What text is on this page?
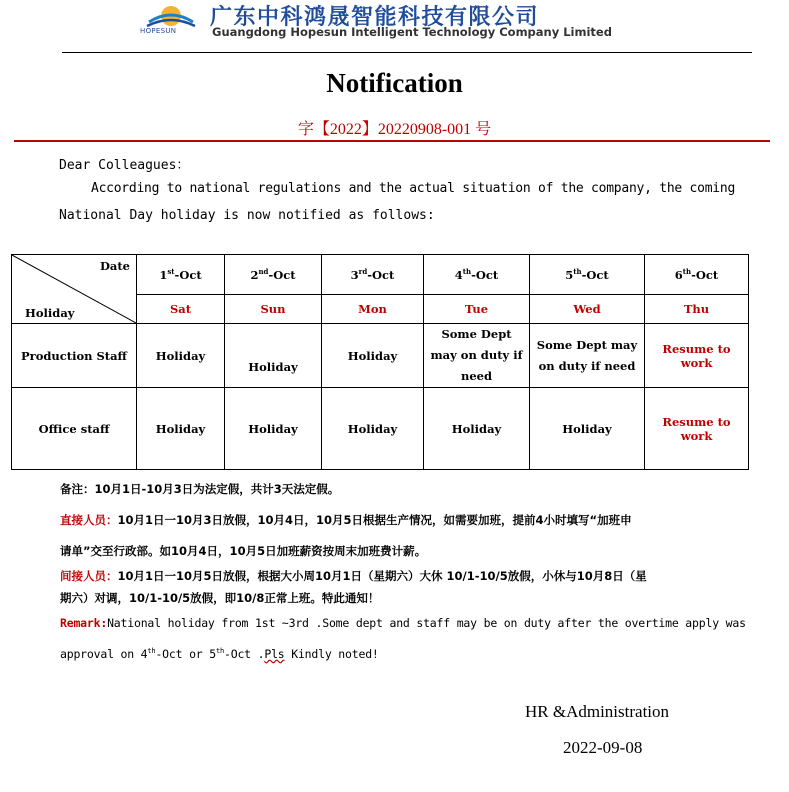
HOPESUN
广东中科鸿晟智能科技有限公司
Guangdong Hopesun Intelligent Technology Company Limited
Notification
字【2022】20220908-001 号
Dear Colleagues：
According to national regulations and the actual situation of the company, the coming
National Day holiday is now notified as follows:
Date
Holiday	1st-Oct	2nd-Oct	3rd-Oct	4th-Oct	5th-Oct	6th-Oct
	Sat	Sun	Mon	Tue	Wed	Thu
Production Staff	Holiday	Holiday	Holiday	Some Dept may on duty if need	Some Dept may on duty if need	Resume to work
Office staff	Holiday	Holiday	Holiday	Holiday	Holiday	Resume to work
备注：10月1日-10月3日为法定假，共计3天法定假。
直接人员：10月1日一10月3日放假，10月4日，10月5日根据生产情况，如需要加班，提前4小时填写“加班申
请单”交至行政部。如10月4日，10月5日加班薪资按周末加班费计薪。
间接人员：10月1日一10月5日放假，根据大小周10月1日（星期六）大休 10/1-10/5放假，小休与10月8日（星
期六）对调，10/1-10/5放假，即10/8正常上班。特此通知！
Remark:National holiday from 1st ~3rd .Some dept and staff may be on duty after the overtime apply was
approval on 4th-Oct or 5th-Oct .Pls Kindly noted!
HR &Administration
2022-09-08
